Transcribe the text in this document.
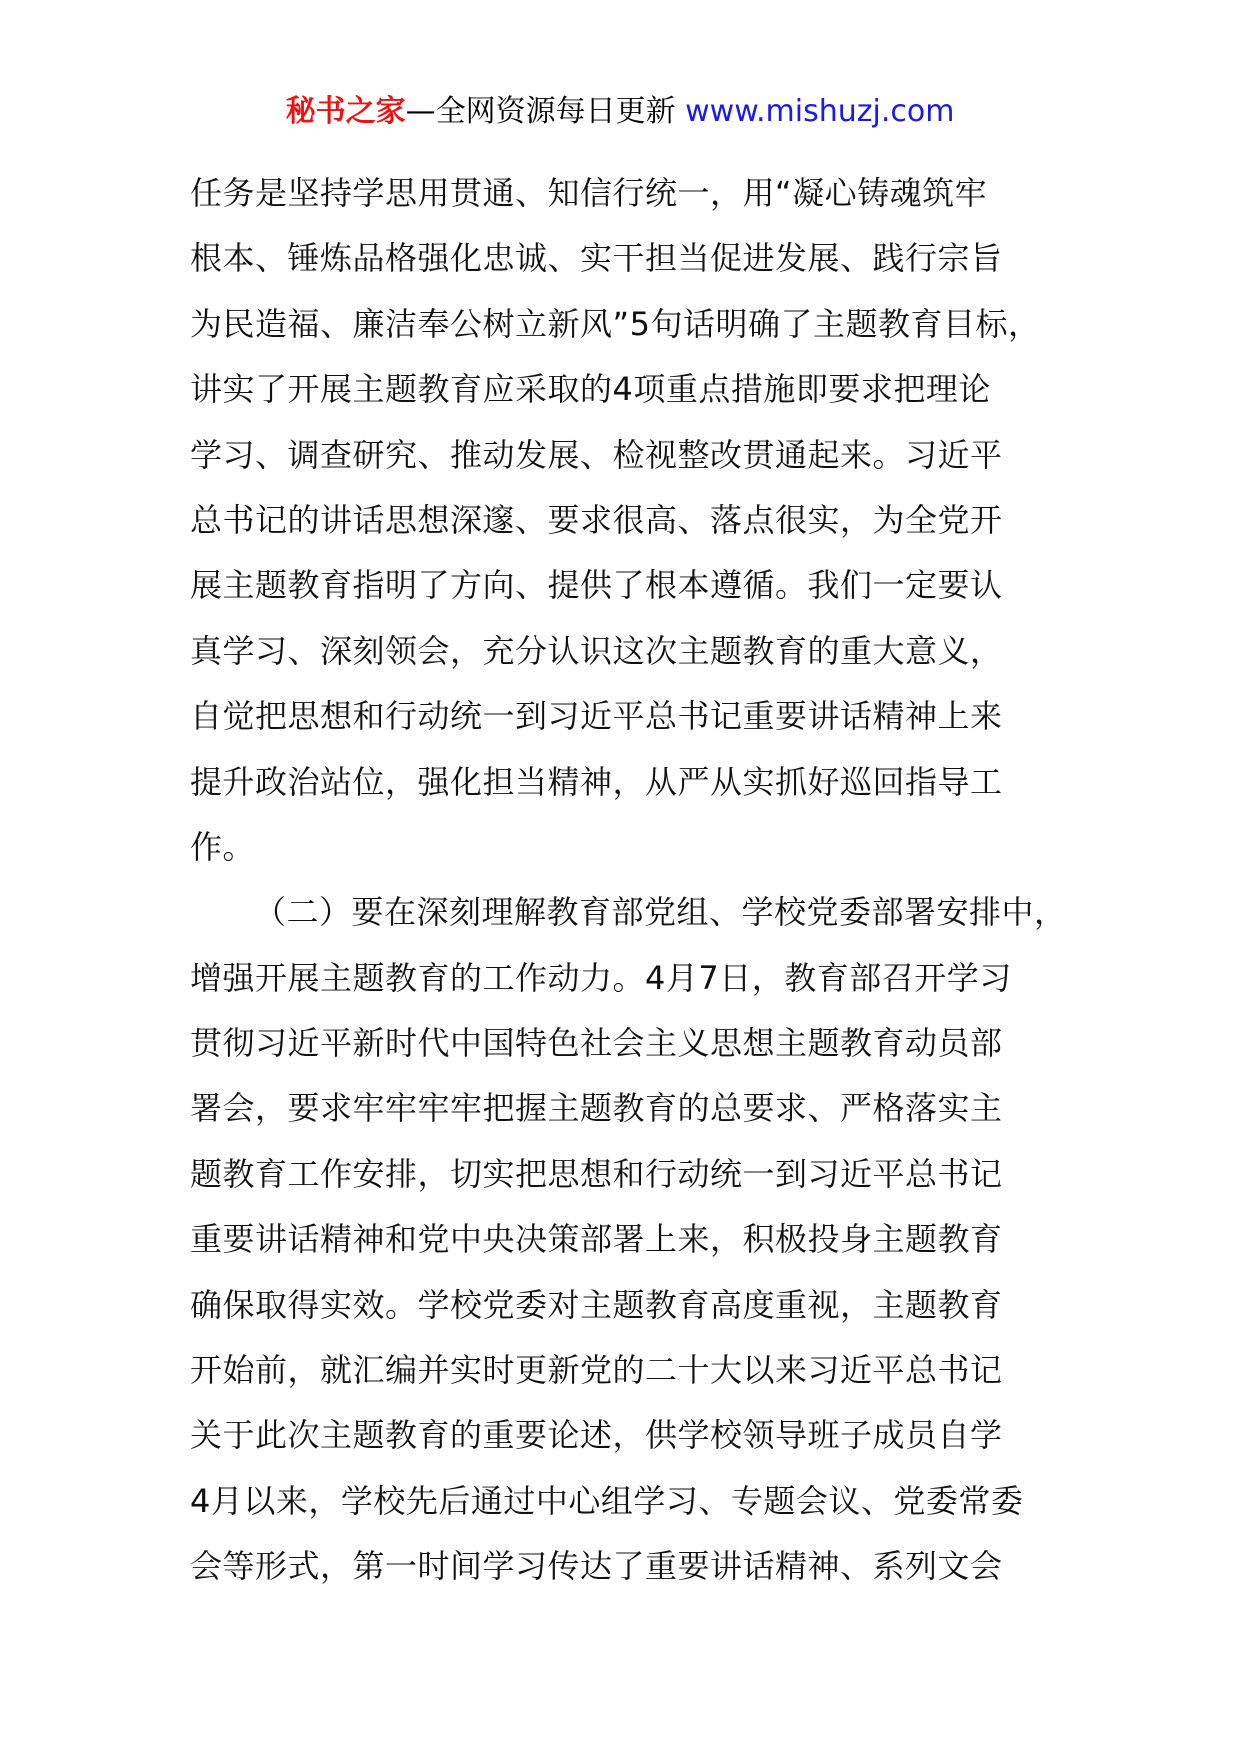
秘书之家—全网资源每日更新 www.mishuzj.com
任务是坚持学思用贯通、知信行统一，用“凝心铸魂筑牢
根本、锤炼品格强化忠诚、实干担当促进发展、践行宗旨
为民造福、廉洁奉公树立新风”5句话明确了主题教育目标，
讲实了开展主题教育应采取的4项重点措施即要求把理论
学习、调查研究、推动发展、检视整改贯通起来。习近平
总书记的讲话思想深邃、要求很高、落点很实，为全党开
展主题教育指明了方向、提供了根本遵循。我们一定要认
真学习、深刻领会，充分认识这次主题教育的重大意义，
自觉把思想和行动统一到习近平总书记重要讲话精神上来
提升政治站位，强化担当精神，从严从实抓好巡回指导工
作。
（二）要在深刻理解教育部党组、学校党委部署安排中，
增强开展主题教育的工作动力。4月7日，教育部召开学习
贯彻习近平新时代中国特色社会主义思想主题教育动员部
署会，要求牢牢牢牢把握主题教育的总要求、严格落实主
题教育工作安排，切实把思想和行动统一到习近平总书记
重要讲话精神和党中央决策部署上来，积极投身主题教育
确保取得实效。学校党委对主题教育高度重视，主题教育
开始前，就汇编并实时更新党的二十大以来习近平总书记
关于此次主题教育的重要论述，供学校领导班子成员自学
4月以来，学校先后通过中心组学习、专题会议、党委常委
会等形式，第一时间学习传达了重要讲话精神、系列文会
